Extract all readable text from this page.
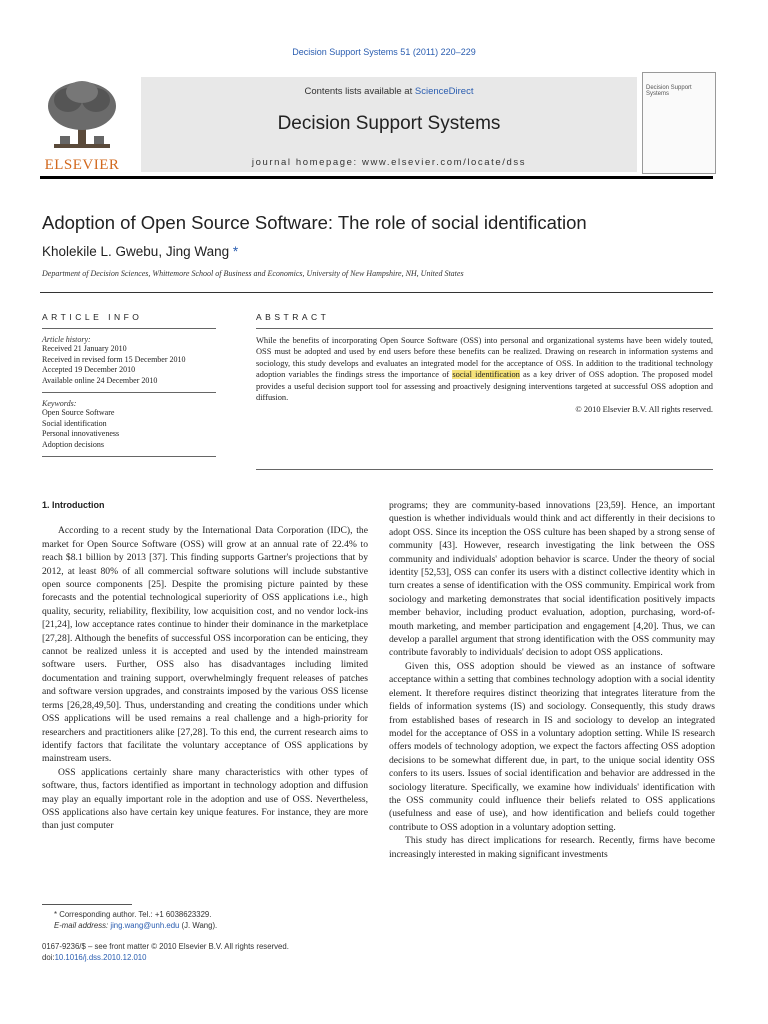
Decision Support Systems 51 (2011) 220–229
ELSEVIER
Contents lists available at ScienceDirect
Decision Support Systems
journal homepage: www.elsevier.com/locate/dss
Decision Support Systems
Adoption of Open Source Software: The role of social identification
Kholekile L. Gwebu, Jing Wang *
Department of Decision Sciences, Whittemore School of Business and Economics, University of New Hampshire, NH, United States
ARTICLE INFO
Article history:
Received 21 January 2010
Received in revised form 15 December 2010
Accepted 19 December 2010
Available online 24 December 2010
Keywords:
Open Source Software
Social identification
Personal innovativeness
Adoption decisions
ABSTRACT
While the benefits of incorporating Open Source Software (OSS) into personal and organizational systems have been widely touted, OSS must be adopted and used by end users before these benefits can be realized. Drawing on research in information systems and sociology, this study develops and evaluates an integrated model for the acceptance of OSS. In addition to the traditional technology adoption variables the findings stress the importance of social identification as a key driver of OSS adoption. The proposed model provides a useful decision support tool for assessing and proactively designing interventions targeted at successful OSS adoption and diffusion.
© 2010 Elsevier B.V. All rights reserved.
1. Introduction

According to a recent study by the International Data Corporation (IDC), the market for Open Source Software (OSS) will grow at an annual rate of 22.4% to reach $8.1 billion by 2013 [37]. This finding supports Gartner's projections that by 2012, at least 80% of all commercial software solutions will include substantive open source components [25]. Despite the promising picture painted by these forecasts and the potential technological superiority of OSS applications i.e., high quality, security, reliability, flexibility, low acquisition cost, and no vendor lock-ins [21,24], low acceptance rates continue to hinder their dominance in the marketplace [27,28]. Although the benefits of successful OSS incorporation can be enticing, they cannot be realized unless it is accepted and used by the intended mainstream software users. Further, OSS also has disadvantages including limited documentation and training support, overwhelmingly frequent releases of patches and software version upgrades, and constraints imposed by the various OSS license terms [26,28,49,50]. Thus, understanding and creating the conditions under which OSS applications will be used remains a real challenge and a high-priority for researchers and practitioners alike [27,28]. To this end, the current research aims to identify factors that facilitate the voluntary acceptance of OSS applications by mainstream users.

OSS applications certainly share many characteristics with other types of software, thus, factors identified as important in technology adoption and diffusion may play an equally important role in the adoption and use of OSS. Nevertheless, OSS applications also have certain key unique features. For instance, they are more than just computer

programs; they are community-based innovations [23,59]. Hence, an important question is whether individuals would think and act differently in their decisions to adopt OSS. Since its inception the OSS culture has been shaped by a strong sense of community [43]. However, research investigating the link between the OSS community and individuals' adoption behavior is scarce. Under the theory of social identity [52,53], OSS can confer its users with a distinct collective identity which in turn creates a sense of identification with the OSS community. Empirical work from sociology and marketing demonstrates that social identification positively impacts member behavior, including product evaluation, adoption, purchasing, word-of-mouth marketing, and member participation and engagement [4,20]. Thus, we can develop a parallel argument that strong identification with the OSS community may contribute favorably to individuals' decision to adopt OSS applications.

Given this, OSS adoption should be viewed as an instance of software acceptance within a setting that combines technology adoption with a social identity element. It therefore requires distinct theorizing that integrates literature from the fields of information systems (IS) and sociology. Consequently, this study draws from established bases of research in IS and sociology to develop an integrated model for the acceptance of OSS in a voluntary adoption setting. While IS research offers models of technology adoption, we expect the factors affecting OSS adoption decisions to be somewhat different due, in part, to the unique social identity OSS confers to its users. Issues of social identification and behavior are addressed in the sociology literature. Specifically, we examine how individuals' identification with the OSS community could influence their beliefs related to OSS applications (usefulness and ease of use), and how identification and beliefs could together contribute to OSS adoption in a voluntary adoption setting.

This study has direct implications for research. Recently, firms have become increasingly interested in making significant investments

* Corresponding author. Tel.: +1 6038623329.
E-mail address: jing.wang@unh.edu (J. Wang).
0167-9236/$ – see front matter © 2010 Elsevier B.V. All rights reserved.
doi:10.1016/j.dss.2010.12.010
